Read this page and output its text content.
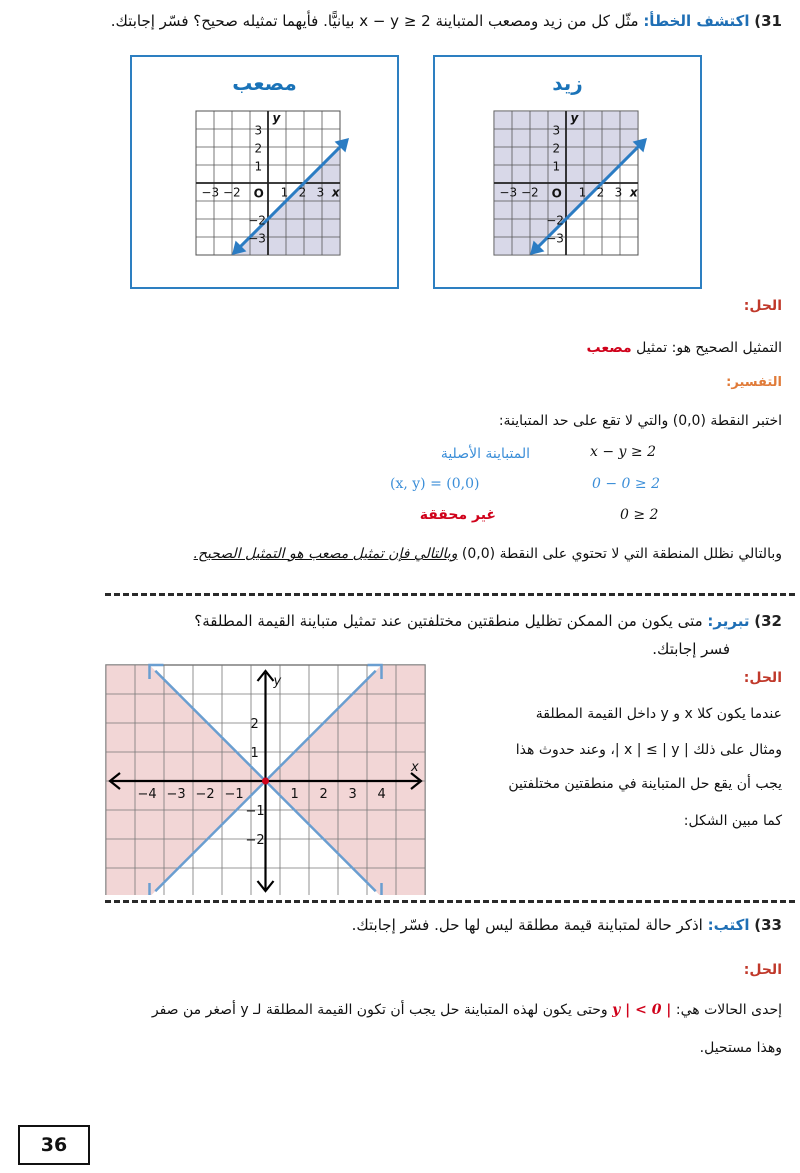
31) اكتشف الخطأ: مثّل كل من زيد ومصعب المتباينة x − y ≥ 2 بيانيًّا. فأيهما تمثيله صحيح؟ فسّر إجابتك.
مصعب
3
2
1
−2
−3
−3 −2 O 1 2 3 x
y
زيد
3
2
1
−2
−3
−3 −2 O 1 2 3 x
y
الحل:
التمثيل الصحيح هو: تمثيل مصعب
التفسير:
اختبر النقطة (0,0) والتي لا تقع على حد المتباينة:
x − y ≥ 2
المتباينة الأصلية
0 − 0 ≥ 2
(x, y) = (0,0)
0 ≥ 2
غير محققة
وبالتالي نظلل المنطقة التي لا تحتوي على النقطة (0,0) وبالتالي فإن تمثيل مصعب هو التمثيل الصحيح.
32) تبرير: متى يكون من الممكن تظليل منطقتين مختلفتين عند تمثيل متباينة القيمة المطلقة؟
فسر إجابتك.
الحل:
عندما يكون كلا x و y داخل القيمة المطلقة
ومثال على ذلك | x | ≤ | y |، وعند حدوث هذا
يجب أن يقع حل المتباينة في منطقتين مختلفتين
كما مبين الشكل:
y
x
−4 −3 −2 −1	1 2 3 4
2
1
−1
−2
33) اكتب: اذكر حالة لمتباينة قيمة مطلقة ليس لها حل. فسّر إجابتك.
الحل:
إحدى الحالات هي: | y | < 0 وحتى يكون لهذه المتباينة حل يجب أن تكون القيمة المطلقة لـ y أصغر من صفر
وهذا مستحيل.
36
